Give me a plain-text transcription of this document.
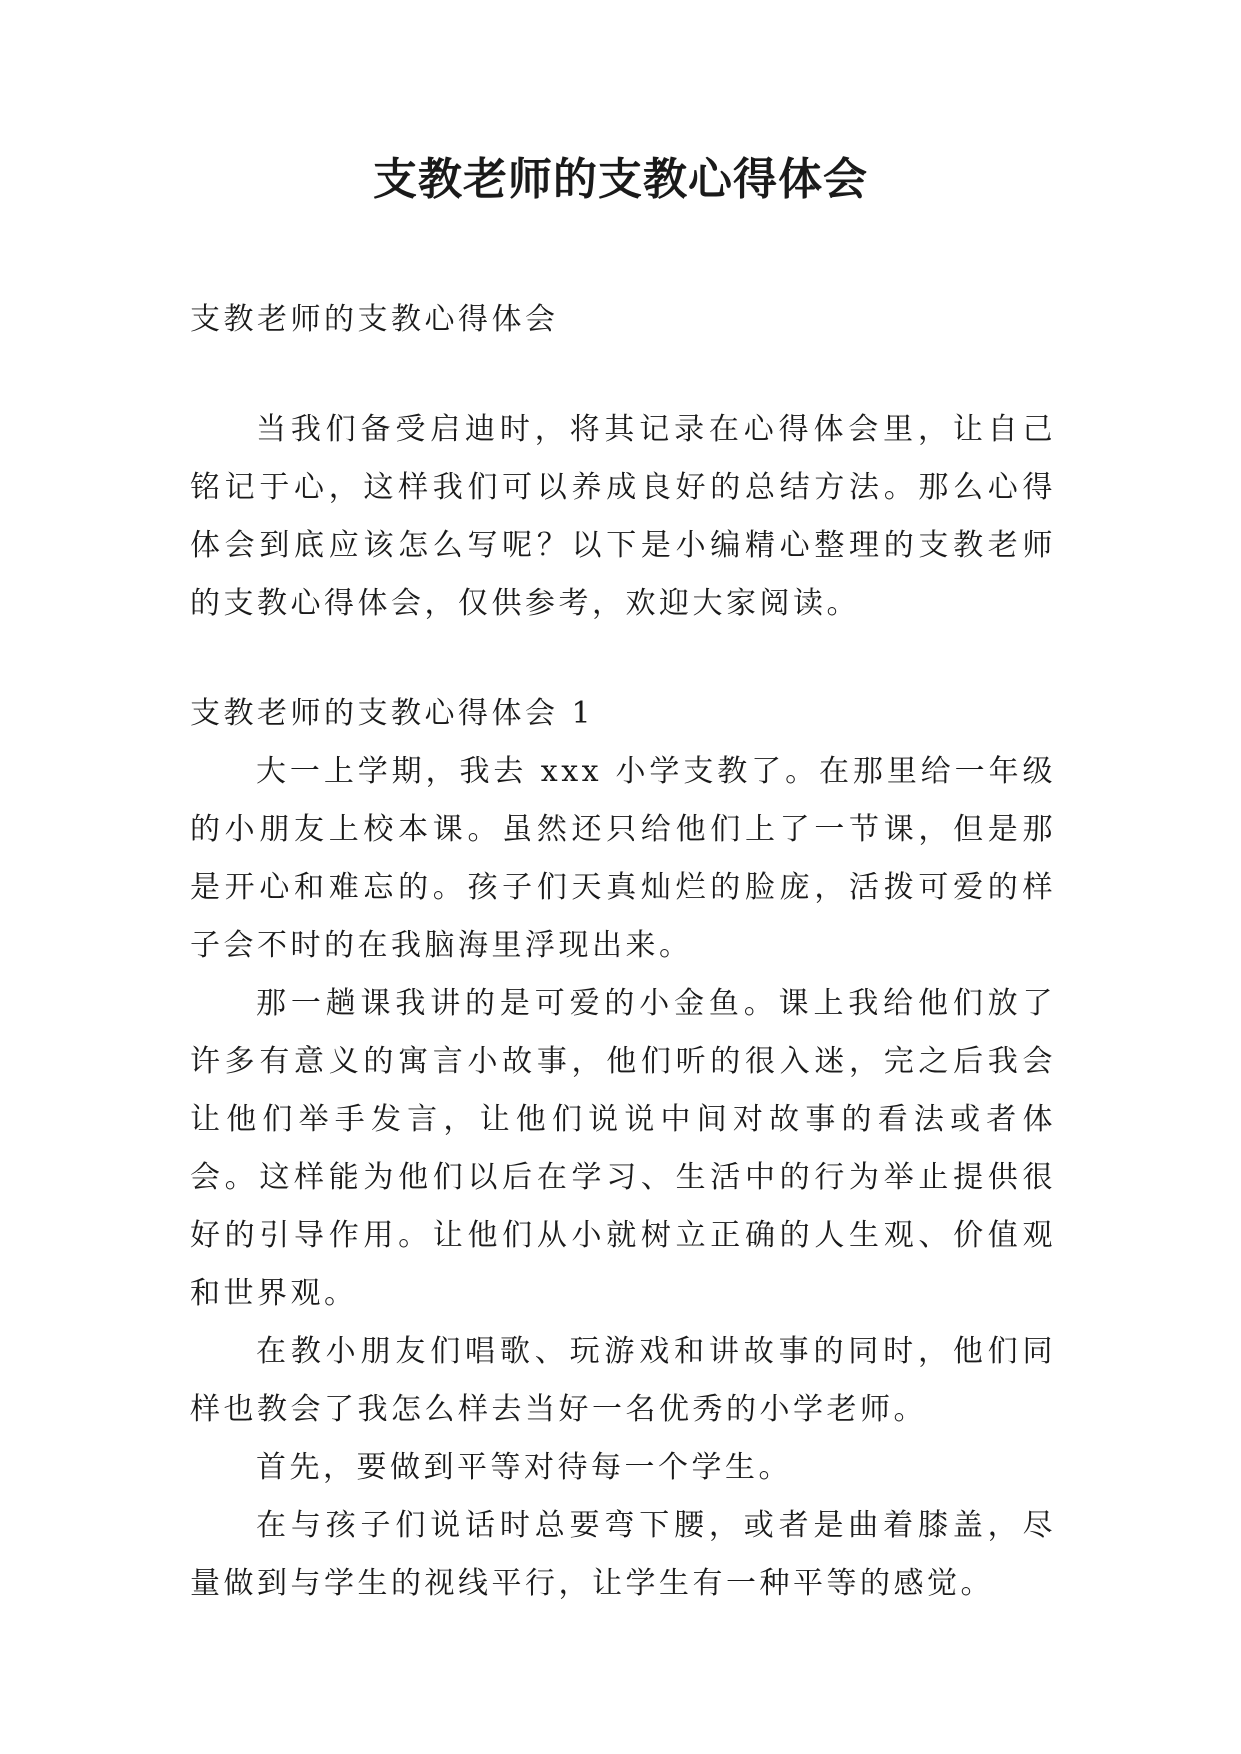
支教老师的支教心得体会

支教老师的支教心得体会

当我们备受启迪时，将其记录在心得体会里，让自己铭记于心，这样我们可以养成良好的总结方法。那么心得体会到底应该怎么写呢？以下是小编精心整理的支教老师的支教心得体会，仅供参考，欢迎大家阅读。

支教老师的支教心得体会 1

大一上学期，我去 xxx 小学支教了。在那里给一年级的小朋友上校本课。虽然还只给他们上了一节课，但是那是开心和难忘的。孩子们天真灿烂的脸庞，活拨可爱的样子会不时的在我脑海里浮现出来。

那一趟课我讲的是可爱的小金鱼。课上我给他们放了许多有意义的寓言小故事，他们听的很入迷，完之后我会让他们举手发言，让他们说说中间对故事的看法或者体会。这样能为他们以后在学习、生活中的行为举止提供很好的引导作用。让他们从小就树立正确的人生观、价值观和世界观。

在教小朋友们唱歌、玩游戏和讲故事的同时，他们同样也教会了我怎么样去当好一名优秀的小学老师。

首先，要做到平等对待每一个学生。

在与孩子们说话时总要弯下腰，或者是曲着膝盖，尽量做到与学生的视线平行，让学生有一种平等的感觉。
